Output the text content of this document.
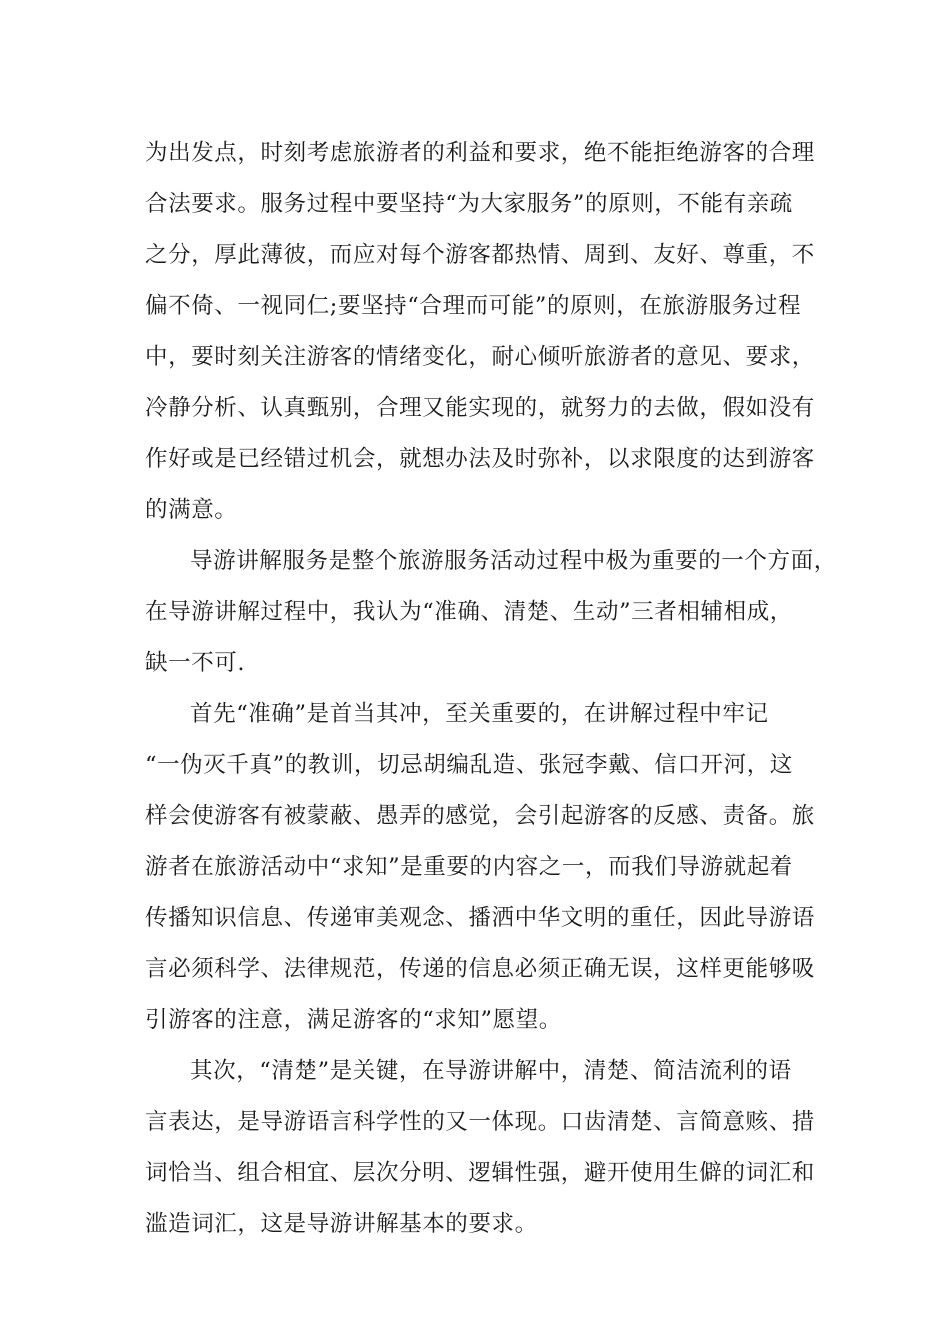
为出发点，时刻考虑旅游者的利益和要求，绝不能拒绝游客的合理
合法要求。服务过程中要坚持“为大家服务”的原则，不能有亲疏
之分，厚此薄彼，而应对每个游客都热情、周到、友好、尊重，不
偏不倚、一视同仁;要坚持“合理而可能”的原则，在旅游服务过程
中，要时刻关注游客的情绪变化，耐心倾听旅游者的意见、要求，
冷静分析、认真甄别，合理又能实现的，就努力的去做，假如没有
作好或是已经错过机会，就想办法及时弥补，以求限度的达到游客
的满意。
导游讲解服务是整个旅游服务活动过程中极为重要的一个方面，
在导游讲解过程中，我认为“准确、清楚、生动”三者相辅相成，
缺一不可.
首先“准确”是首当其冲，至关重要的，在讲解过程中牢记
“一伪灭千真”的教训，切忌胡编乱造、张冠李戴、信口开河，这
样会使游客有被蒙蔽、愚弄的感觉，会引起游客的反感、责备。旅
游者在旅游活动中“求知”是重要的内容之一，而我们导游就起着
传播知识信息、传递审美观念、播洒中华文明的重任，因此导游语
言必须科学、法律规范，传递的信息必须正确无误，这样更能够吸
引游客的注意，满足游客的“求知”愿望。
其次，“清楚”是关键，在导游讲解中，清楚、简洁流利的语
言表达，是导游语言科学性的又一体现。口齿清楚、言简意赅、措
词恰当、组合相宜、层次分明、逻辑性强，避开使用生僻的词汇和
滥造词汇，这是导游讲解基本的要求。
